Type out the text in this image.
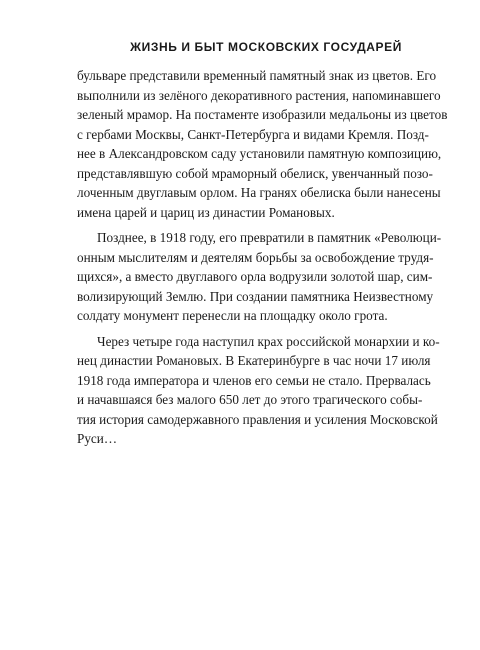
ЖИЗНЬ И БЫТ МОСКОВСКИХ ГОСУДАРЕЙ
бульваре представили временный памятный знак из цветов. Его
выполнили из зелёного декоративного растения, напоминавшего
зеленый мрамор. На постаменте изобразили медальоны из цветов
с гербами Москвы, Санкт-Петербурга и видами Кремля. Позд-
нее в Александровском саду установили памятную композицию,
представлявшую собой мраморный обелиск, увенчанный позо-
лоченным двуглавым орлом. На гранях обелиска были нанесены
имена царей и цариц из династии Романовых.
Позднее, в 1918 году, его превратили в памятник «Революци-
онным мыслителям и деятелям борьбы за освобождение трудя-
щихся», а вместо двуглавого орла водрузили золотой шар, сим-
волизирующий Землю. При создании памятника Неизвестному
солдату монумент перенесли на площадку около грота.
Через четыре года наступил крах российской монархии и ко-
нец династии Романовых. В Екатеринбурге в час ночи 17 июля
1918 года императора и членов его семьи не стало. Прервалась
и начавшаяся без малого 650 лет до этого трагического собы-
тия история самодержавного правления и усиления Московской
Руси…
